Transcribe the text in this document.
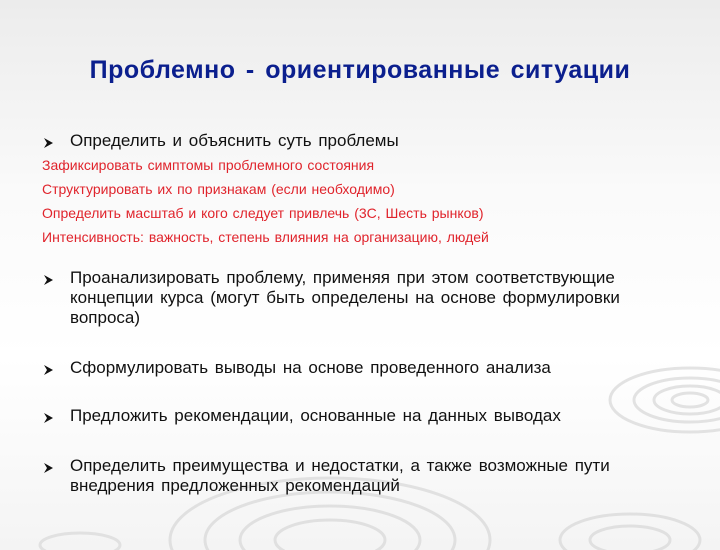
Проблемно - ориентированные ситуации
Определить и объяснить суть проблемы
Зафиксировать симптомы проблемного состояния
Структурировать их по признакам (если необходимо)
Определить масштаб и кого следует привлечь (3С, Шесть рынков)
Интенсивность: важность, степень влияния на организацию, людей
Проанализировать проблему, применяя при этом соответствующие концепции курса (могут быть определены на основе формулировки вопроса)
Сформулировать выводы на основе проведенного анализа
Предложить рекомендации, основанные на данных выводах
Определить преимущества и недостатки, а также возможные пути внедрения предложенных рекомендаций
